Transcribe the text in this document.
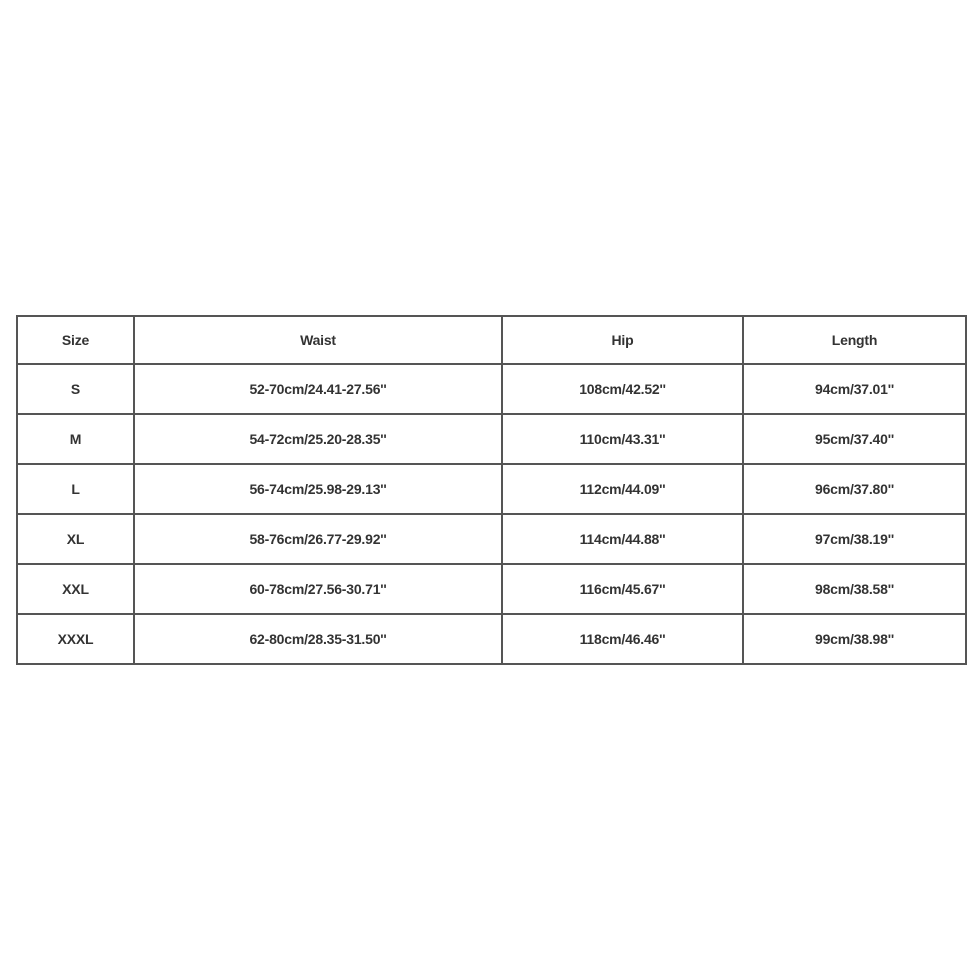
Size	Waist	Hip	Length
S	52-70cm/24.41-27.56''	108cm/42.52''	94cm/37.01''
M	54-72cm/25.20-28.35''	110cm/43.31''	95cm/37.40''
L	56-74cm/25.98-29.13''	112cm/44.09''	96cm/37.80''
XL	58-76cm/26.77-29.92''	114cm/44.88''	97cm/38.19''
XXL	60-78cm/27.56-30.71''	116cm/45.67''	98cm/38.58''
XXXL	62-80cm/28.35-31.50''	118cm/46.46''	99cm/38.98''
